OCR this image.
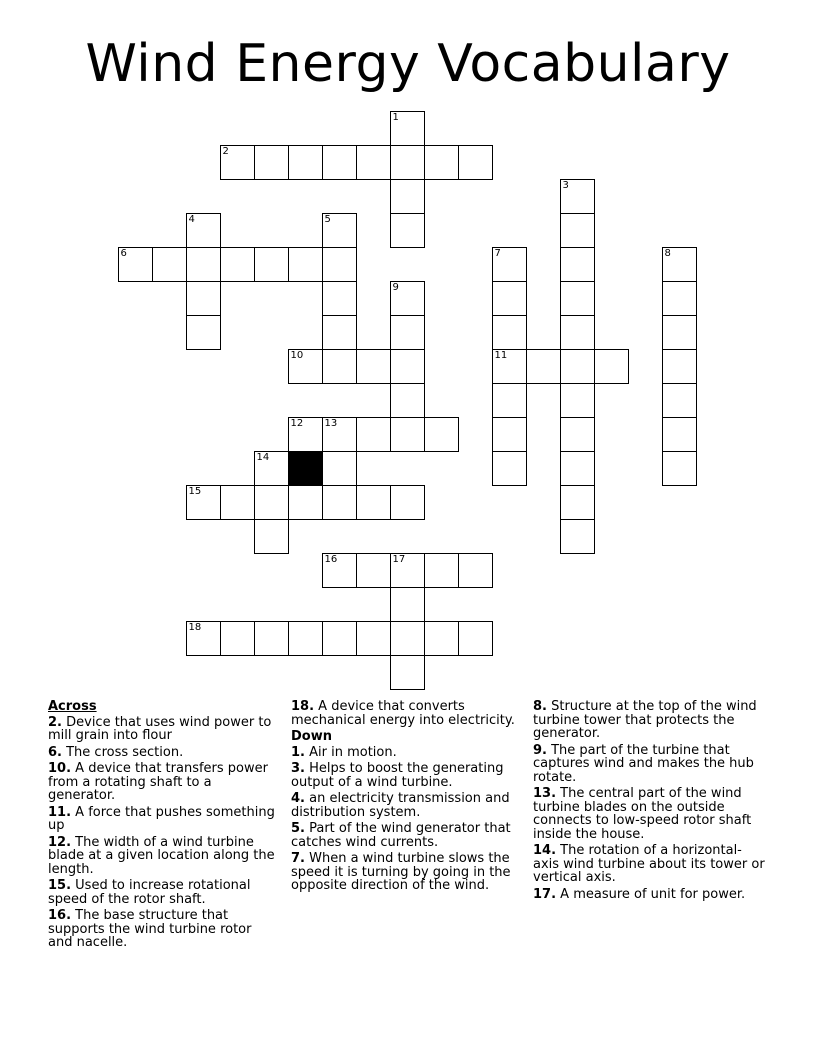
Wind Energy Vocabulary
1
2
3
4	5
6	7	8
9
10	11
12 13
14
15
16	17
18
Across
2. Device that uses wind power to mill grain into flour
6. The cross section.
10. A device that transfers power from a rotating shaft to a generator.
11. A force that pushes something up
12. The width of a wind turbine blade at a given location along the length.
15. Used to increase rotational speed of the rotor shaft.
16. The base structure that supports the wind turbine rotor and nacelle.
18. A device that converts mechanical energy into electricity.
Down
1. Air in motion.
3. Helps to boost the generating output of a wind turbine.
4. an electricity transmission and distribution system.
5. Part of the wind generator that catches wind currents.
7. When a wind turbine slows the speed it is turning by going in the opposite direction of the wind.
8. Structure at the top of the wind turbine tower that protects the generator.
9. The part of the turbine that captures wind and makes the hub rotate.
13. The central part of the wind turbine blades on the outside connects to low-speed rotor shaft inside the house.
14. The rotation of a horizontal-axis wind turbine about its tower or vertical axis.
17. A measure of unit for power.
